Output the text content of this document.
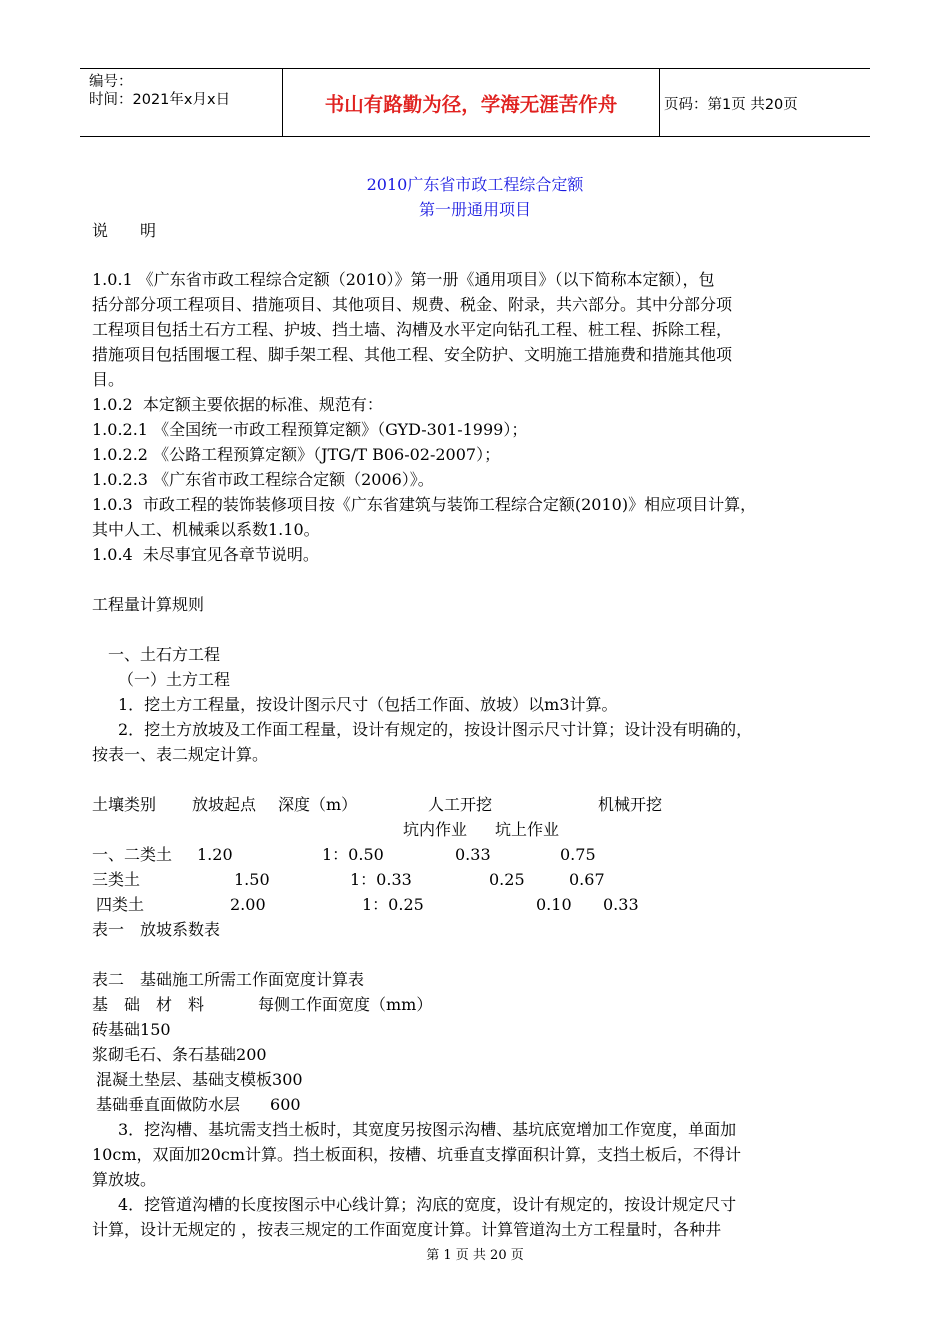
编号：
时间：2021年x月x日	书山有路勤为径，学海无涯苦作舟	页码：第1页 共20页
2010广东省市政工程综合定额
第一册通用项目
说　　明
1.0.1 《广东省市政工程综合定额（2010）》第一册《通用项目》（以下简称本定额），包
括分部分项工程项目、措施项目、其他项目、规费、税金、附录，共六部分。其中分部分项
工程项目包括土石方工程、护坡、挡土墙、沟槽及水平定向钻孔工程、桩工程、拆除工程，
措施项目包括围堰工程、脚手架工程、其他工程、安全防护、文明施工措施费和措施其他项
目。
1.0.2  本定额主要依据的标准、规范有：
1.0.2.1 《全国统一市政工程预算定额》（GYD-301-1999）；
1.0.2.2 《公路工程预算定额》（JTG/T B06-02-2007）；
1.0.2.3 《广东省市政工程综合定额（2006）》。
1.0.3  市政工程的装饰装修项目按《广东省建筑与装饰工程综合定额(2010)》相应项目计算，
其中人工、机械乘以系数1.10。
1.0.4  未尽事宜见各章节说明。
工程量计算规则
一、土石方工程
（一）土方工程
1．挖土方工程量，按设计图示尺寸（包括工作面、放坡）以m3计算。
2．挖土方放坡及工作面工程量，设计有规定的，按设计图示尺寸计算；设计没有明确的，
按表一、表二规定计算。
土壤类别 放坡起点 深度（m）	人工开挖	机械开挖
坑内作业 坑上作业
一、二类土 1.20	1：0.50	0.33	0.75
三类土	1.50	1：0.33	0.25	0.67
四类土	2.00	1：0.25	0.10 0.33
表一　放坡系数表
表二　基础施工所需工作面宽度计算表
基　础　材　料	每侧工作面宽度（mm）
砖基础150
浆砌毛石、条石基础200
混凝土垫层、基础支模板300
基础垂直面做防水层 600
3．挖沟槽、基坑需支挡土板时，其宽度另按图示沟槽、基坑底宽增加工作宽度，单面加
10cm，双面加20cm计算。挡土板面积，按槽、坑垂直支撑面积计算，支挡土板后，不得计
算放坡。
4．挖管道沟槽的长度按图示中心线计算；沟底的宽度，设计有规定的，按设计规定尺寸
计算，设计无规定的 ，按表三规定的工作面宽度计算。计算管道沟土方工程量时，各种井
第 1 页 共 20 页
